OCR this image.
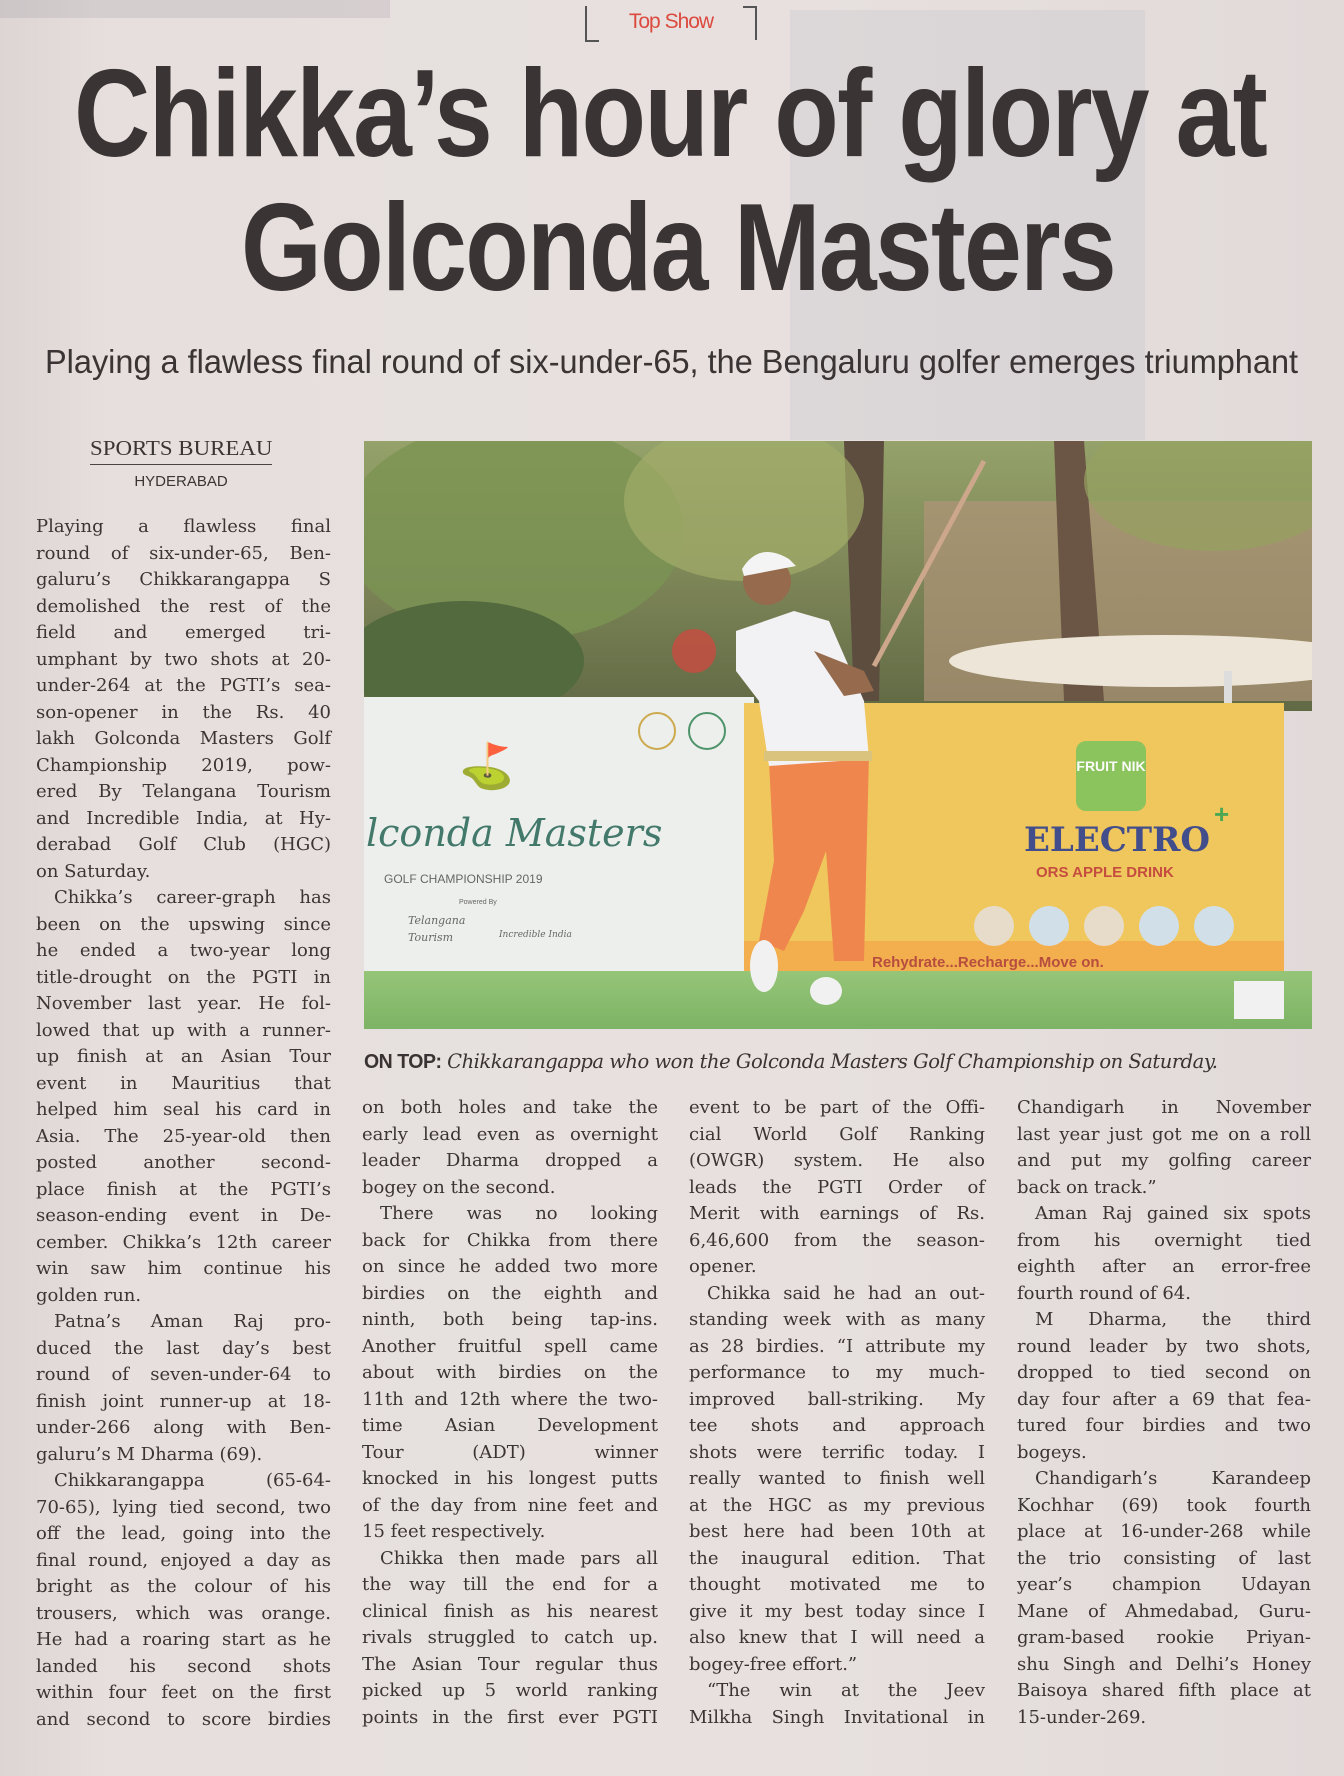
Top Show
Chikka’s hour of glory at
Golconda Masters
Playing a flawless final round of six-under-65, the Bengaluru golfer emerges triumphant
SPORTS BUREAU
HYDERABAD
⛳
lconda Masters
GOLF CHAMPIONSHIP 2019
Powered By
Telangana
Tourism	Incredible India
FRUIT NIK
ELECTRO
+
ORS APPLE DRINK
Rehydrate...Recharge...Move on.
ON TOP: Chikkarangappa who won the Golconda Masters Golf Championship on Saturday.
Playing a flawless final
round of six-under-65, Ben-
galuru’s Chikkarangappa S
demolished the rest of the
field and emerged tri-
umphant by two shots at 20-
under-264 at the PGTI’s sea-
son-opener in the Rs. 40
lakh Golconda Masters Golf
Championship 2019, pow-
ered By Telangana Tourism
and Incredible India, at Hy-
derabad Golf Club (HGC)
on Saturday.
Chikka’s career-graph has
been on the upswing since
he ended a two-year long
title-drought on the PGTI in
November last year. He fol-
lowed that up with a runner-
up finish at an Asian Tour
event in Mauritius that
helped him seal his card in
Asia. The 25-year-old then
posted another second-
place finish at the PGTI’s
season-ending event in De-
cember. Chikka’s 12th career
win saw him continue his
golden run.
Patna’s Aman Raj pro-
duced the last day’s best
round of seven-under-64 to
finish joint runner-up at 18-
under-266 along with Ben-
galuru’s M Dharma (69).
Chikkarangappa (65-64-
70-65), lying tied second, two
off the lead, going into the
final round, enjoyed a day as
bright as the colour of his
trousers, which was orange.
He had a roaring start as he
landed his second shots
within four feet on the first
and second to score birdies
on both holes and take the
early lead even as overnight
leader Dharma dropped a
bogey on the second.
There was no looking
back for Chikka from there
on since he added two more
birdies on the eighth and
ninth, both being tap-ins.
Another fruitful spell came
about with birdies on the
11th and 12th where the two-
time Asian Development
Tour (ADT) winner
knocked in his longest putts
of the day from nine feet and
15 feet respectively.
Chikka then made pars all
the way till the end for a
clinical finish as his nearest
rivals struggled to catch up.
The Asian Tour regular thus
picked up 5 world ranking
points in the first ever PGTI
event to be part of the Offi-
cial World Golf Ranking
(OWGR) system. He also
leads the PGTI Order of
Merit with earnings of Rs.
6,46,600 from the season-
opener.
Chikka said he had an out-
standing week with as many
as 28 birdies. “I attribute my
performance to my much-
improved ball-striking. My
tee shots and approach
shots were terrific today. I
really wanted to finish well
at the HGC as my previous
best here had been 10th at
the inaugural edition. That
thought motivated me to
give it my best today since I
also knew that I will need a
bogey-free effort.”
“The win at the Jeev
Milkha Singh Invitational in
Chandigarh in November
last year just got me on a roll
and put my golfing career
back on track.”
Aman Raj gained six spots
from his overnight tied
eighth after an error-free
fourth round of 64.
M Dharma, the third
round leader by two shots,
dropped to tied second on
day four after a 69 that fea-
tured four birdies and two
bogeys.
Chandigarh’s Karandeep
Kochhar (69) took fourth
place at 16-under-268 while
the trio consisting of last
year’s champion Udayan
Mane of Ahmedabad, Guru-
gram-based rookie Priyan-
shu Singh and Delhi’s Honey
Baisoya shared fifth place at
15-under-269.
